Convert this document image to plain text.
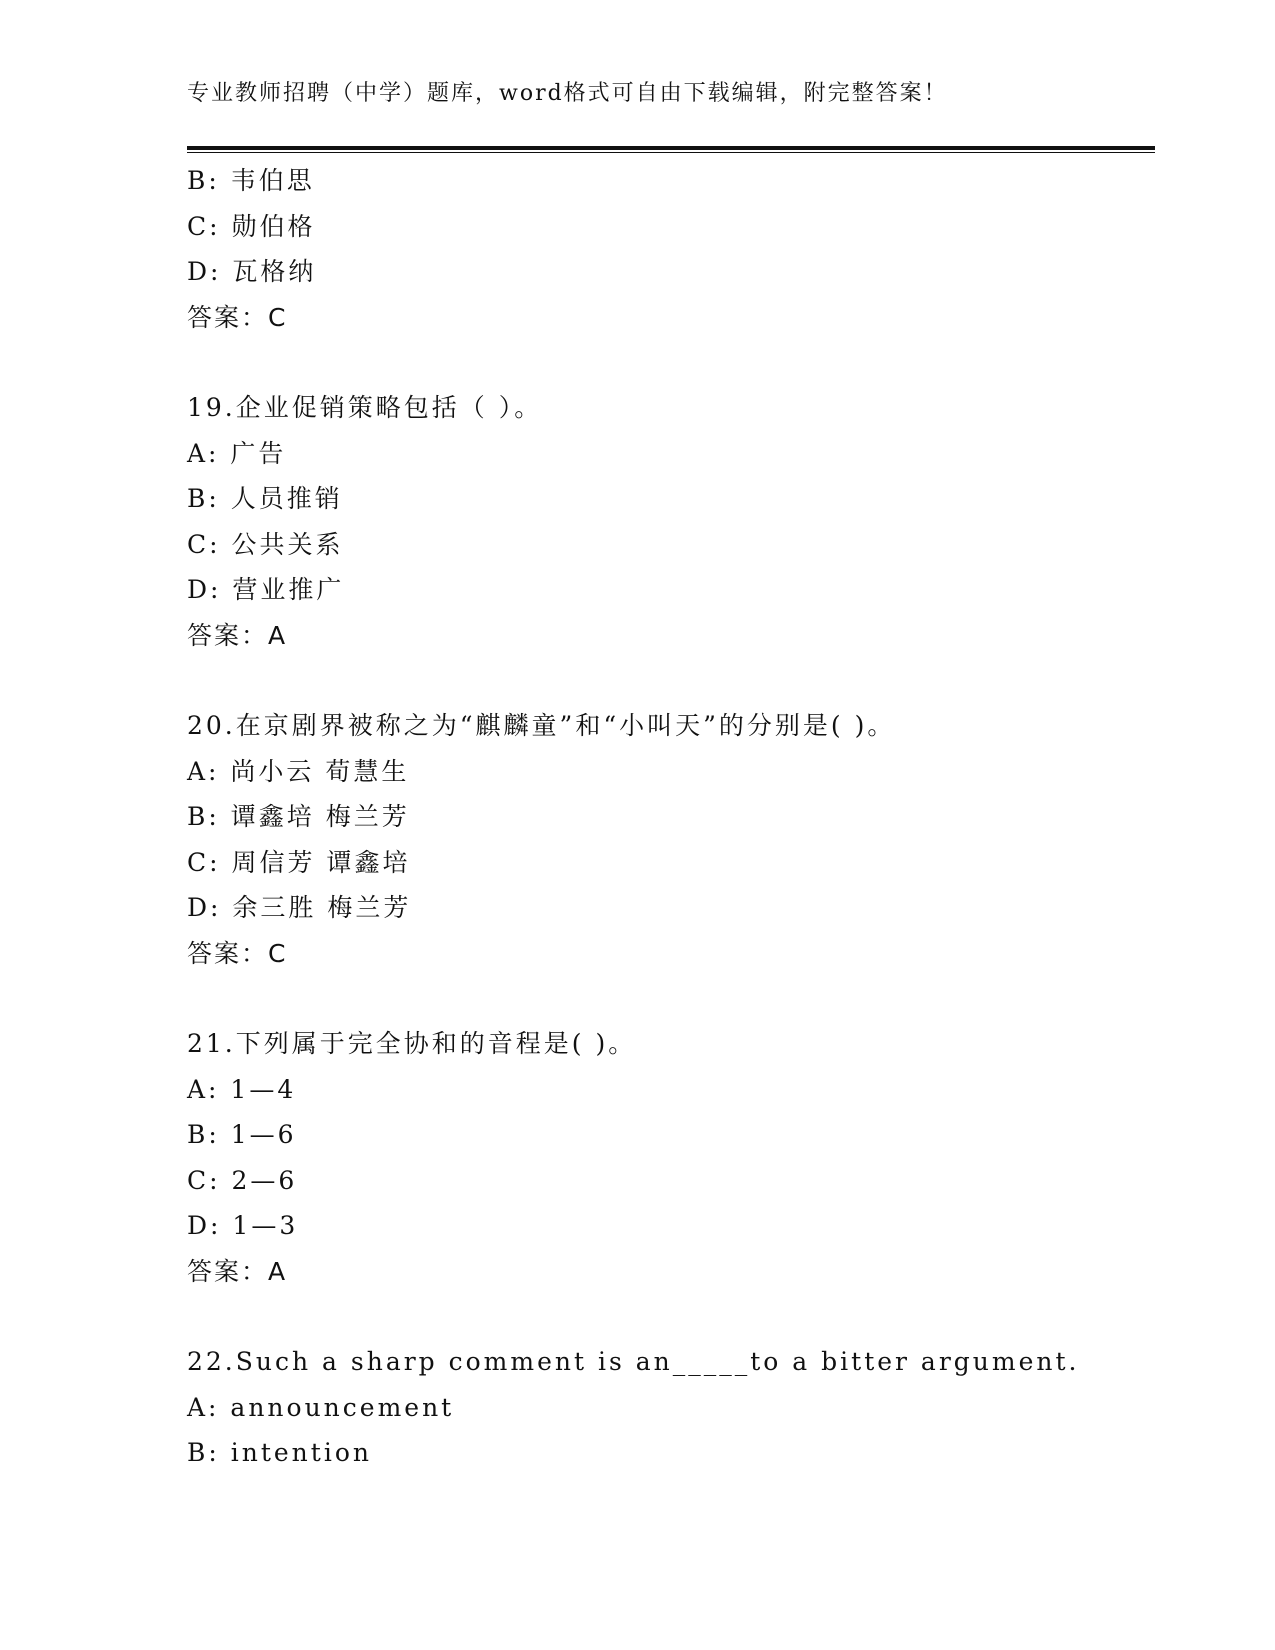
专业教师招聘（中学）题库，word格式可自由下载编辑，附完整答案！
B: 韦伯思
C: 勋伯格
D: 瓦格纳
答案：C
19.企业促销策略包括（ ）。
A: 广告
B: 人员推销
C: 公共关系
D: 营业推广
答案：A
20.在京剧界被称之为“麒麟童”和“小叫天”的分别是( )。
A: 尚小云 荀慧生
B: 谭鑫培 梅兰芳
C: 周信芳 谭鑫培
D: 余三胜 梅兰芳
答案：C
21.下列属于完全协和的音程是( )。
A: 1—4
B: 1—6
C: 2—6
D: 1—3
答案：A
22.Such a sharp comment is an_____to a bitter argument.
A: announcement
B: intention
